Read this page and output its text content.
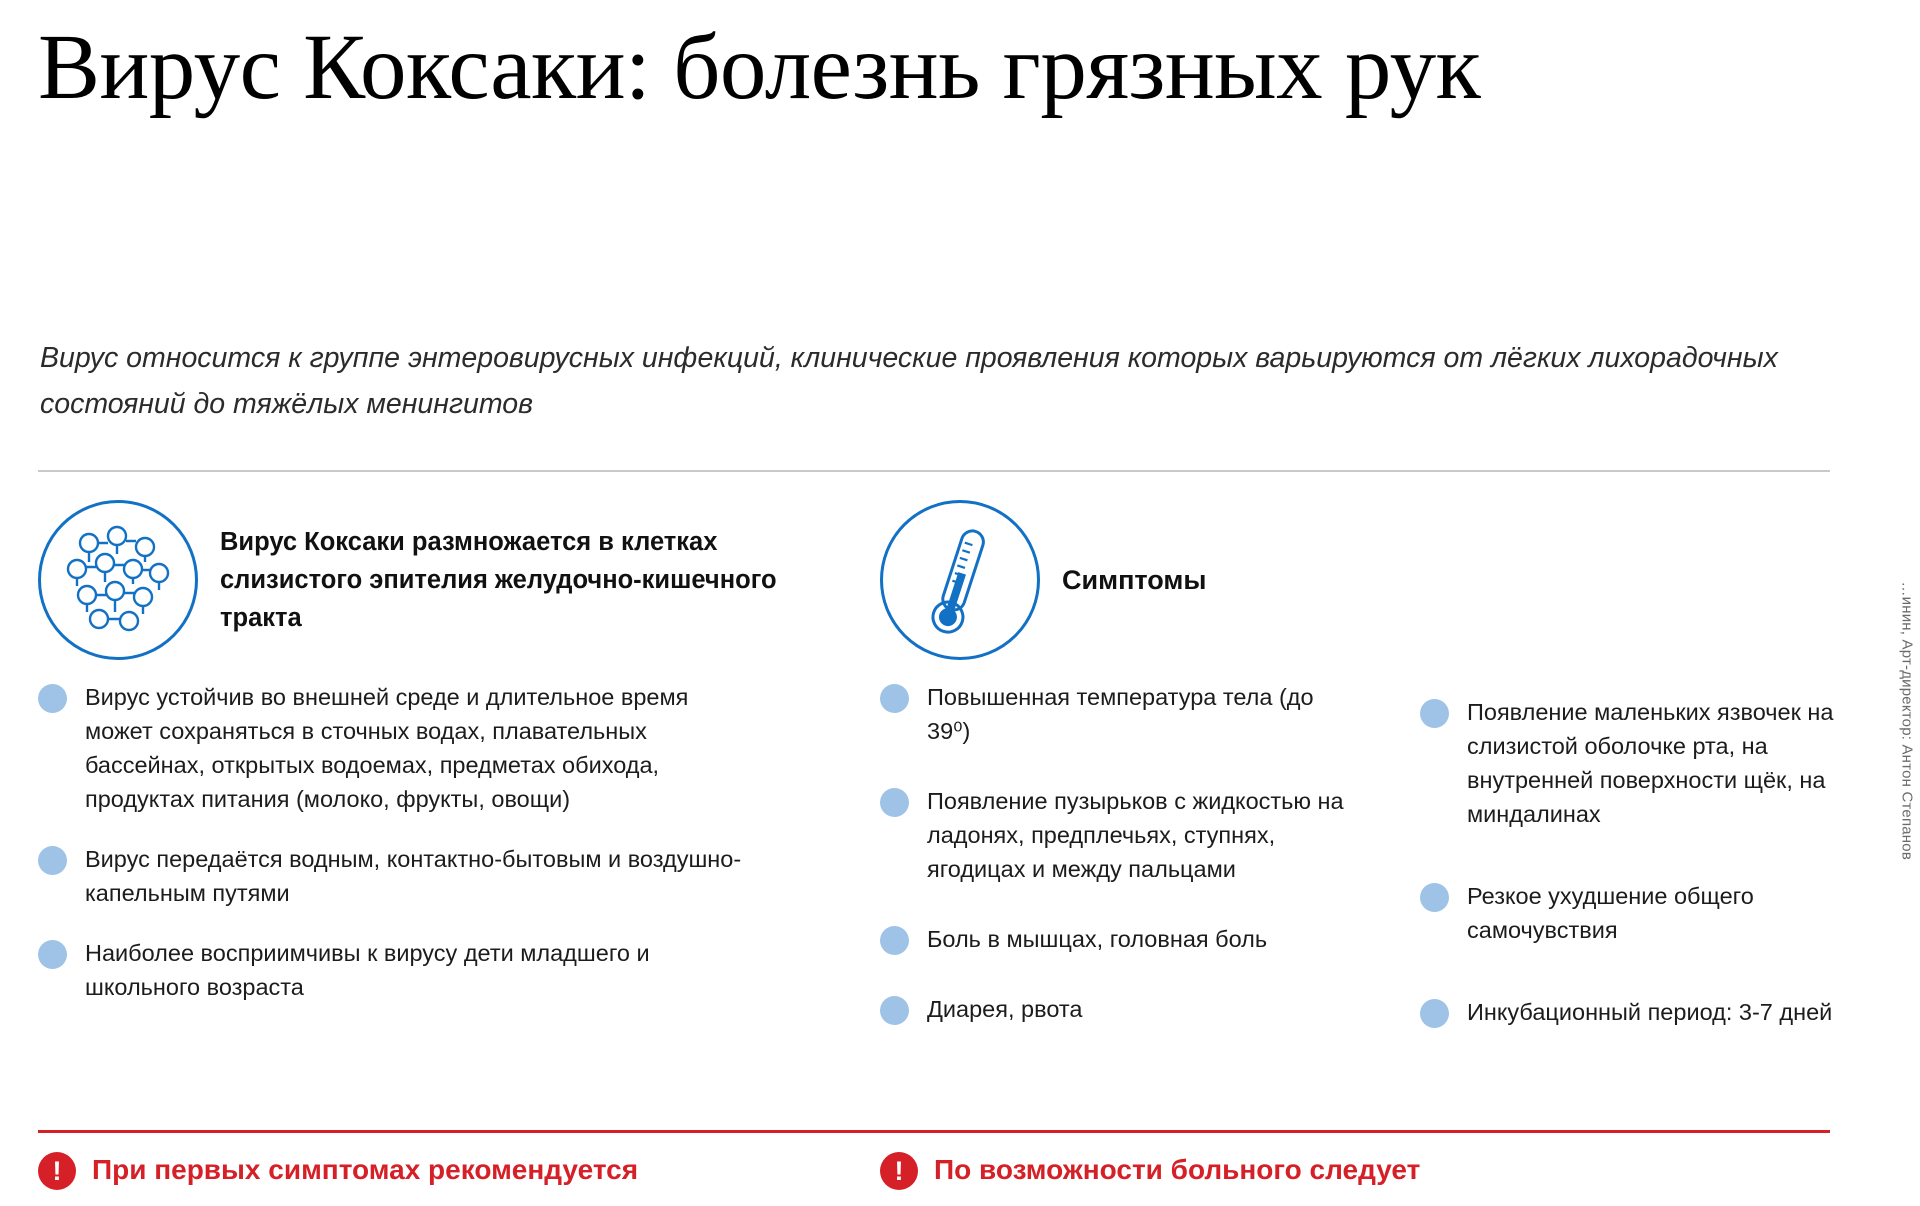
Вирус Коксаки: болезнь грязных рук
Вирус относится к группе энтеровирусных инфекций, клинические проявления которых варьируются от лёгких лихорадочных состояний до тяжёлых менингитов
Вирус Коксаки размножается в клетках слизистого эпителия желудочно-кишечного тракта
Вирус устойчив во внешней среде и длительное время может сохраняться в сточных водах, плавательных бассейнах, открытых водоемах, предметах обихода, продуктах питания (молоко, фрукты, овощи)
Вирус передаётся водным, контактно-бытовым и воздушно-капельным путями
Наиболее восприимчивы к вирусу дети младшего и школьного возраста
Симптомы
Повышенная температура тела (до 39⁰)
Появление пузырьков с жидкостью на ладонях, предплечьях, ступнях, ягодицах и между пальцами
Боль в мышцах, головная боль
Диарея, рвота
Появление маленьких язвочек на слизистой оболочке рта, на внутренней поверхности щёк, на миндалинах
Резкое ухудшение общего самочувствия
Инкубационный период: 3-7 дней
!	При первых симптомах рекомендуется	!	По возможности больного следует
…инин, Арт-директор: Антон Степанов
